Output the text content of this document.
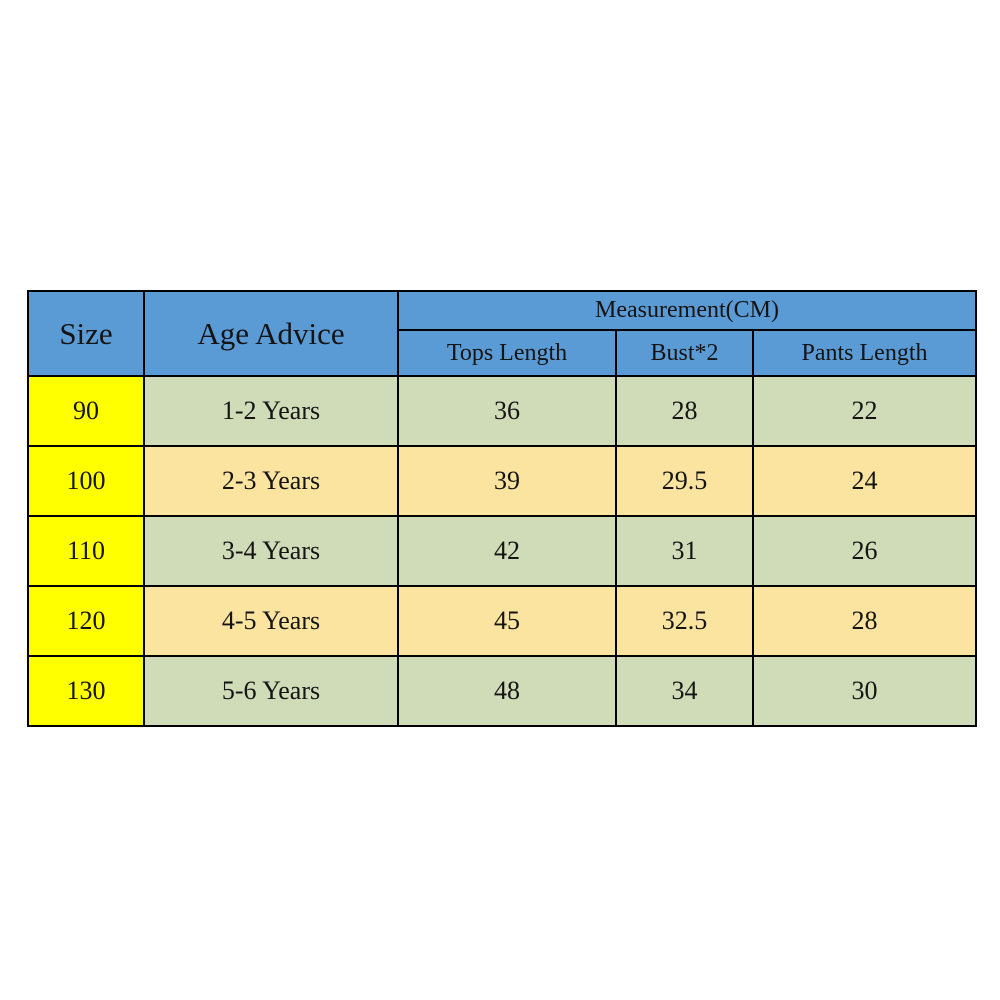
Size	Age Advice	Measurement(CM)		
		Tops Length	Bust*2	Pants Length
90	1-2 Years	36	28	22
100	2-3 Years	39	29.5	24
110	3-4 Years	42	31	26
120	4-5 Years	45	32.5	28
130	5-6 Years	48	34	30
